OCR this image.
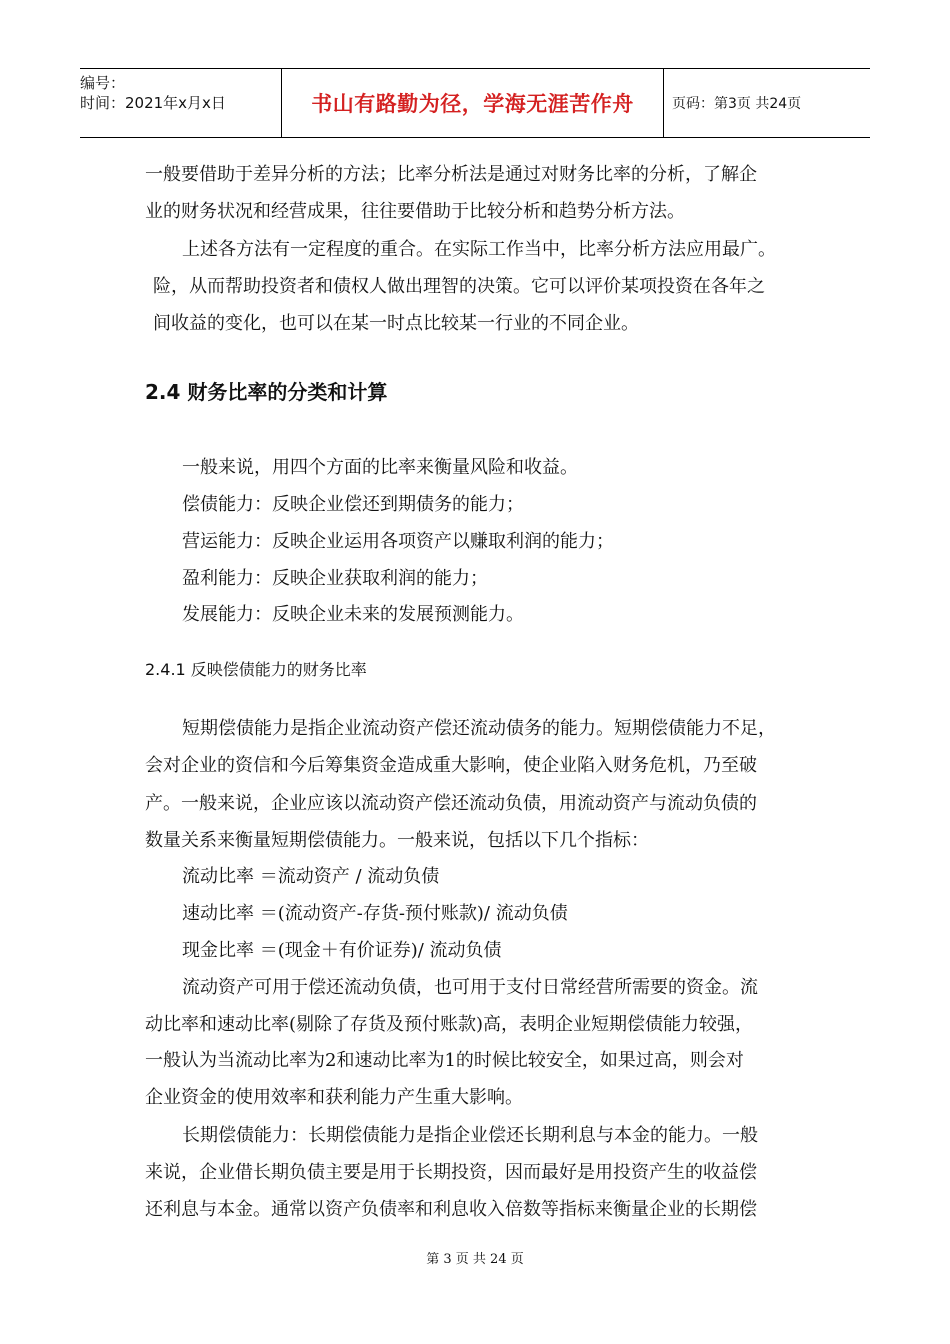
编号：
时间：2021年x月x日	书山有路勤为径，学海无涯苦作舟	页码：第3页 共24页
一般要借助于差异分析的方法；比率分析法是通过对财务比率的分析，了解企
业的财务状况和经营成果，往往要借助于比较分析和趋势分析方法。
上述各方法有一定程度的重合。在实际工作当中，比率分析方法应用最广。
险，从而帮助投资者和债权人做出理智的决策。它可以评价某项投资在各年之
间收益的变化，也可以在某一时点比较某一行业的不同企业。
2.4 财务比率的分类和计算
一般来说，用四个方面的比率来衡量风险和收益。
偿债能力：反映企业偿还到期债务的能力；
营运能力：反映企业运用各项资产以赚取利润的能力；
盈利能力：反映企业获取利润的能力；
发展能力：反映企业未来的发展预测能力。
2.4.1 反映偿债能力的财务比率
短期偿债能力是指企业流动资产偿还流动债务的能力。短期偿债能力不足，
会对企业的资信和今后筹集资金造成重大影响，使企业陷入财务危机，乃至破
产。一般来说，企业应该以流动资产偿还流动负债，用流动资产与流动负债的
数量关系来衡量短期偿债能力。一般来说，包括以下几个指标：
流动比率 ＝流动资产 / 流动负债
速动比率 ＝(流动资产-存货-预付账款)/ 流动负债
现金比率 ＝(现金＋有价证券)/ 流动负债
流动资产可用于偿还流动负债，也可用于支付日常经营所需要的资金。流
动比率和速动比率(剔除了存货及预付账款)高，表明企业短期偿债能力较强，
一般认为当流动比率为2和速动比率为1的时候比较安全，如果过高，则会对
企业资金的使用效率和获利能力产生重大影响。
长期偿债能力：长期偿债能力是指企业偿还长期利息与本金的能力。一般
来说，企业借长期负债主要是用于长期投资，因而最好是用投资产生的收益偿
还利息与本金。通常以资产负债率和利息收入倍数等指标来衡量企业的长期偿
第 3 页 共 24 页
